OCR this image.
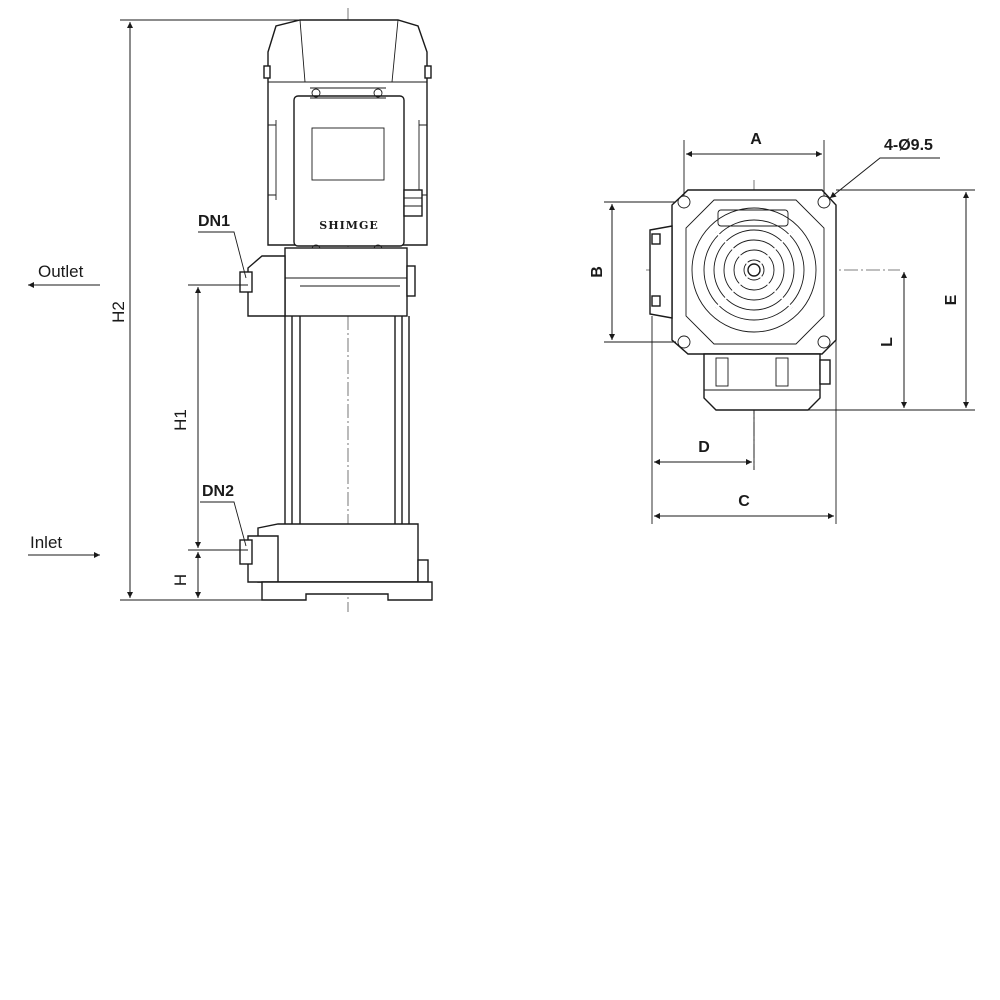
SHIMGE
H2
H1
H
Outlet
Inlet
DN1
DN2
A	4-Ø9.5
B
E
L
D
C
